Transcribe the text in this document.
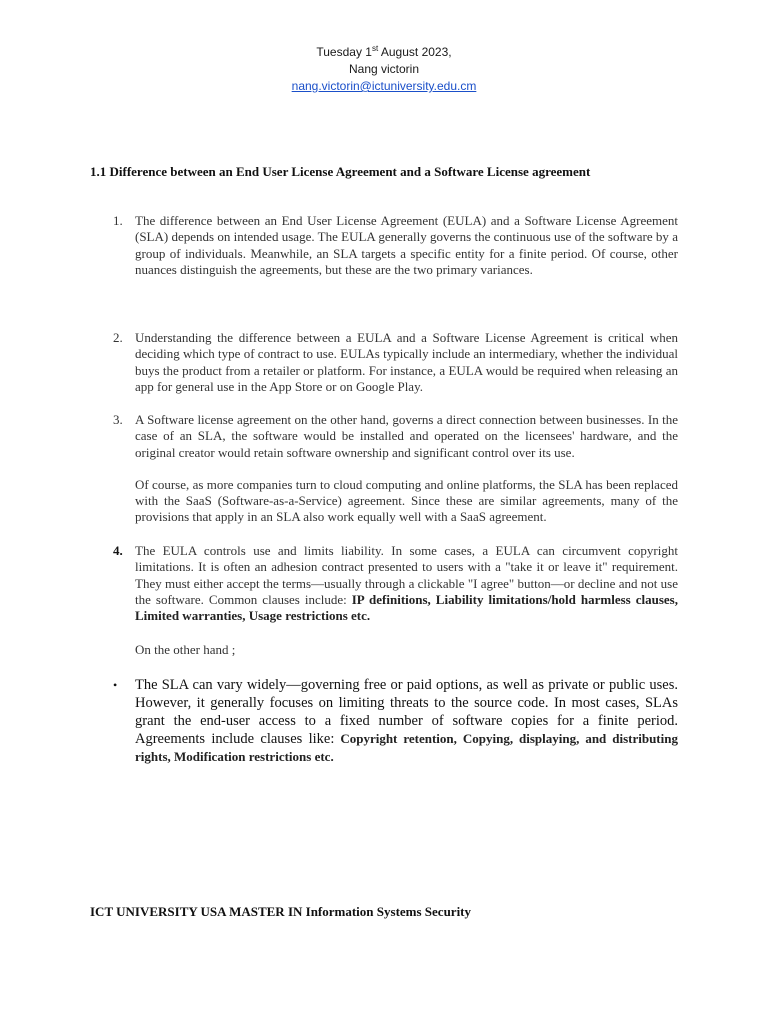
Tuesday 1st August 2023,
Nang victorin
nang.victorin@ictuniversity.edu.cm
1.1 Difference between an End User License Agreement and a Software License agreement
1. The difference between an End User License Agreement (EULA) and a Software License Agreement (SLA) depends on intended usage. The EULA generally governs the continuous use of the software by a group of individuals. Meanwhile, an SLA targets a specific entity for a finite period. Of course, other nuances distinguish the agreements, but these are the two primary variances.

2. Understanding the difference between a EULA and a Software License Agreement is critical when deciding which type of contract to use. EULAs typically include an intermediary, whether the individual buys the product from a retailer or platform. For instance, a EULA would be required when releasing an app for general use in the App Store or on Google Play.

3. A Software license agreement on the other hand, governs a direct connection between businesses. In the case of an SLA, the software would be installed and operated on the licensees' hardware, and the original creator would retain software ownership and significant control over its use.

Of course, as more companies turn to cloud computing and online platforms, the SLA has been replaced with the SaaS (Software-as-a-Service) agreement. Since these are similar agreements, many of the provisions that apply in an SLA also work equally well with a SaaS agreement.

4. The EULA controls use and limits liability. In some cases, a EULA can circumvent copyright limitations. It is often an adhesion contract presented to users with a "take it or leave it" requirement. They must either accept the terms—usually through a clickable "I agree" button—or decline and not use the software. Common clauses include: IP definitions, Liability limitations/hold harmless clauses, Limited warranties, Usage restrictions etc.

On the other hand ;
• The SLA can vary widely—governing free or paid options, as well as private or public uses. However, it generally focuses on limiting threats to the source code. In most cases, SLAs grant the end-user access to a fixed number of software copies for a finite period. Agreements include clauses like: Copyright retention, Copying, displaying, and distributing rights, Modification restrictions etc.
ICT UNIVERSITY USA MASTER IN Information Systems Security
